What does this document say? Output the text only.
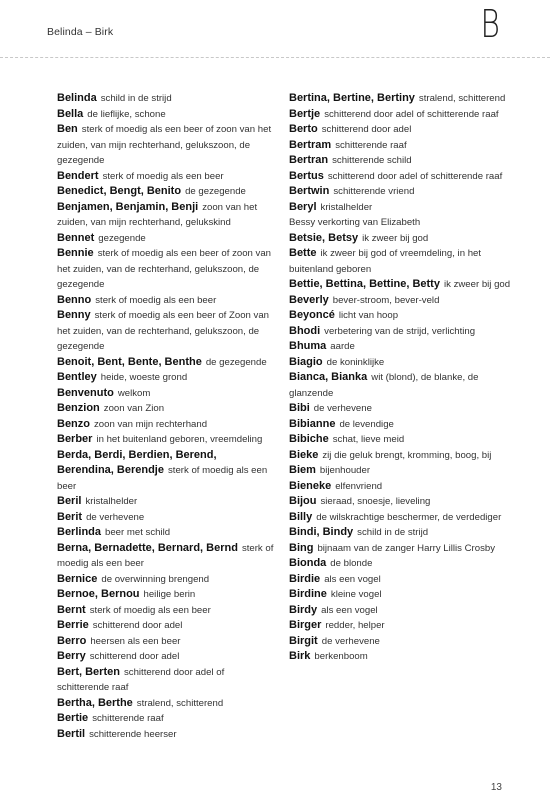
Belinda – Birk	B
Belinda schild in de strijd
Bella de lieflijke, schone
Ben sterk of moedig als een beer of zoon van het zuiden, van mijn rechterhand, gelukszoon, de gezegende
Bendert sterk of moedig als een beer
Benedict, Bengt, Benito de gezegende
Benjamen, Benjamin, Benji zoon van het zuiden, van mijn rechterhand, gelukskind
Bennet gezegende
Bennie sterk of moedig als een beer of zoon van het zuiden, van de rechterhand, gelukszoon, de gezegende
Benno sterk of moedig als een beer
Benny sterk of moedig als een beer of Zoon van het zuiden, van de rechterhand, gelukszoon, de gezegende
Benoit, Bent, Bente, Benthe de gezegende
Bentley heide, woeste grond
Benvenuto welkom
Benzion zoon van Zion
Benzo zoon van mijn rechterhand
Berber in het buitenland geboren, vreemdeling
Berda, Berdi, Berdien, Berend,
Berendina, Berendje sterk of moedig als een beer
Beril kristalhelder
Berit de verhevene
Berlinda beer met schild
Berna, Bernadette, Bernard, Bernd sterk of moedig als een beer
Bernice de overwinning brengend
Bernoe, Bernou heilige berin
Bernt sterk of moedig als een beer
Berrie schitterend door adel
Berro heersen als een beer
Berry schitterend door adel
Bert, Berten schitterend door adel of schitterende raaf
Bertha, Berthe stralend, schitterend
Bertie schitterende raaf
Bertil schitterende heerser
Bertina, Bertine, Bertiny stralend, schitterend
Bertje schitterend door adel of schitterende raaf
Berto schitterend door adel
Bertram schitterende raaf
Bertran schitterende schild
Bertus schitterend door adel of schitterende raaf
Bertwin schitterende vriend
Beryl kristalhelder
Bessy verkorting van Elizabeth
Betsie, Betsy ik zweer bij god
Bette ik zweer bij god of vreemdeling, in het buitenland geboren
Bettie, Bettina, Bettine, Betty ik zweer bij god
Beverly bever-stroom, bever-veld
Beyoncé licht van hoop
Bhodi verbetering van de strijd, verlichting
Bhuma aarde
Biagio de koninklijke
Bianca, Bianka wit (blond), de blanke, de glanzende
Bibi de verhevene
Bibianne de levendige
Bibiche schat, lieve meid
Bieke zij die geluk brengt, kromming, boog, bij
Biem bijenhouder
Bieneke elfenvriend
Bijou sieraad, snoesje, lieveling
Billy de wilskrachtige beschermer, de verdediger
Bindi, Bindy schild in de strijd
Bing bijnaam van de zanger Harry Lillis Crosby
Bionda de blonde
Birdie als een vogel
Birdine kleine vogel
Birdy als een vogel
Birger redder, helper
Birgit de verhevene
Birk berkenboom
13
